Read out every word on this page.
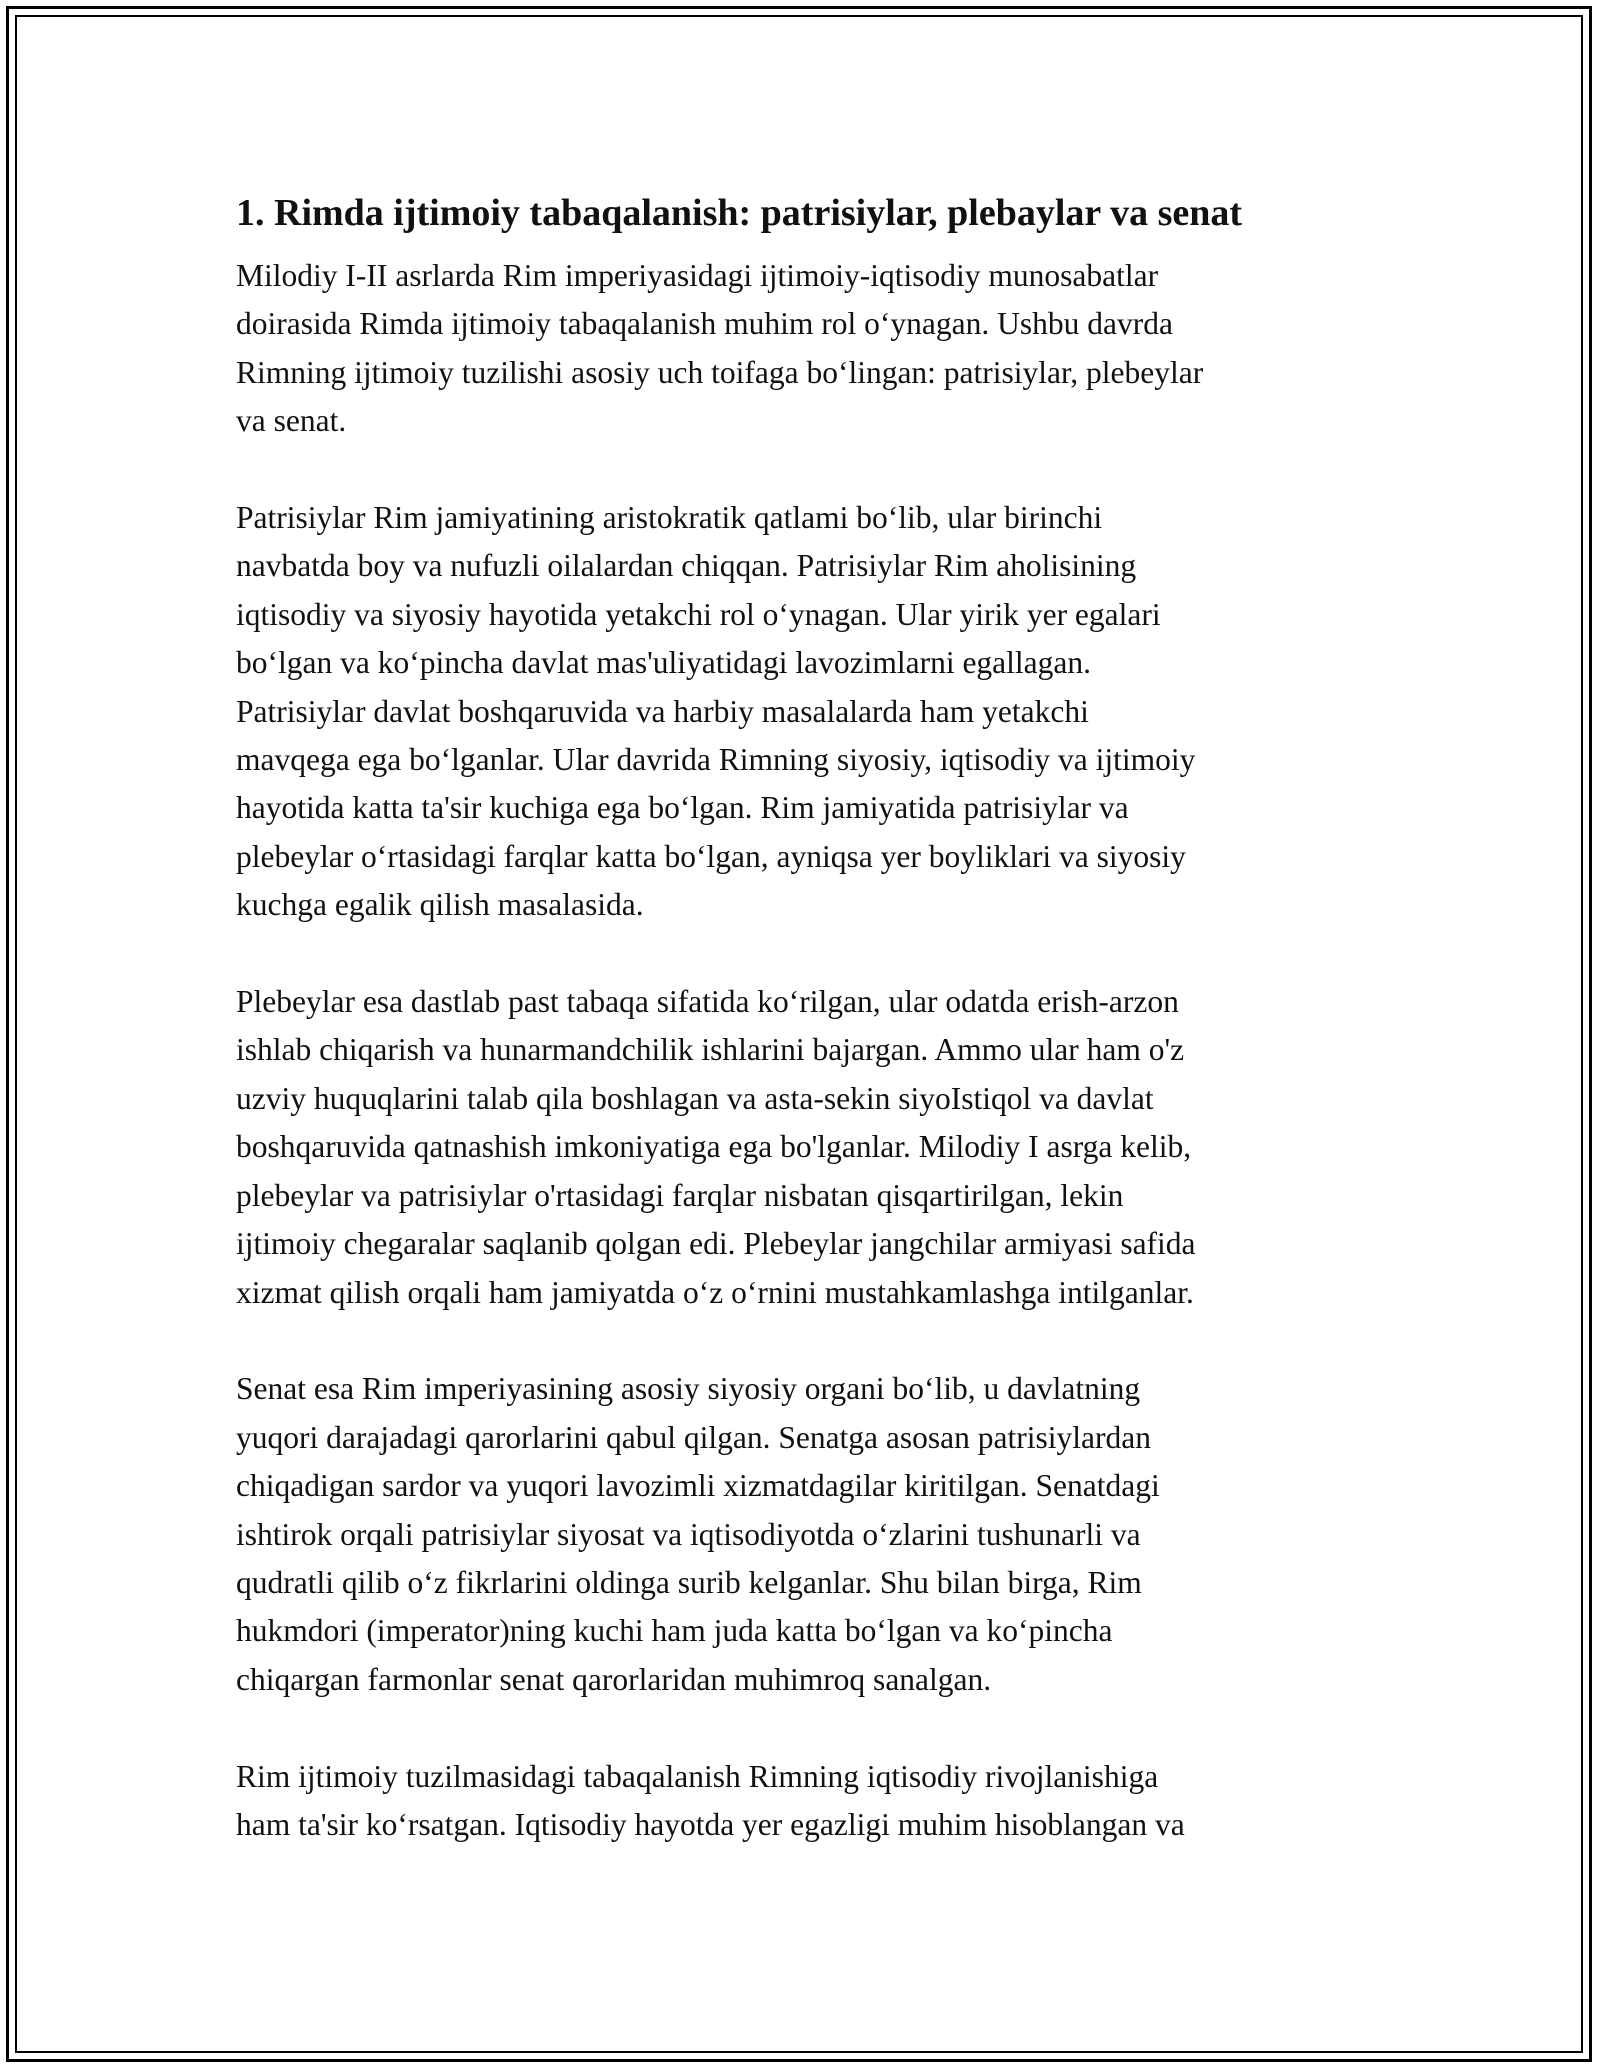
1. Rimda ijtimoiy tabaqalanish: patrisiylar, plebaylar va senat

Milodiy I-II asrlarda Rim imperiyasidagi ijtimoiy-iqtisodiy munosabatlar
doirasida Rimda ijtimoiy tabaqalanish muhim rol o‘ynagan. Ushbu davrda
Rimning ijtimoiy tuzilishi asosiy uch toifaga bo‘lingan: patrisiylar, plebeylar
va senat.

Patrisiylar Rim jamiyatining aristokratik qatlami bo‘lib, ular birinchi
navbatda boy va nufuzli oilalardan chiqqan. Patrisiylar Rim aholisining
iqtisodiy va siyosiy hayotida yetakchi rol o‘ynagan. Ular yirik yer egalari
bo‘lgan va ko‘pincha davlat mas'uliyatidagi lavozimlarni egallagan.
Patrisiylar davlat boshqaruvida va harbiy masalalarda ham yetakchi
mavqega ega bo‘lganlar. Ular davrida Rimning siyosiy, iqtisodiy va ijtimoiy
hayotida katta ta'sir kuchiga ega bo‘lgan. Rim jamiyatida patrisiylar va
plebeylar o‘rtasidagi farqlar katta bo‘lgan, ayniqsa yer boyliklari va siyosiy
kuchga egalik qilish masalasida.

Plebeylar esa dastlab past tabaqa sifatida ko‘rilgan, ular odatda erish-arzon
ishlab chiqarish va hunarmandchilik ishlarini bajargan. Ammo ular ham o'z
uzviy huquqlarini talab qila boshlagan va asta-sekin siyoIstiqol va davlat
boshqaruvida qatnashish imkoniyatiga ega bo'lganlar. Milodiy I asrga kelib,
plebeylar va patrisiylar o'rtasidagi farqlar nisbatan qisqartirilgan, lekin
ijtimoiy chegaralar saqlanib qolgan edi. Plebeylar jangchilar armiyasi safida
xizmat qilish orqali ham jamiyatda o‘z o‘rnini mustahkamlashga intilganlar.

Senat esa Rim imperiyasining asosiy siyosiy organi bo‘lib, u davlatning
yuqori darajadagi qarorlarini qabul qilgan. Senatga asosan patrisiylardan
chiqadigan sardor va yuqori lavozimli xizmatdagilar kiritilgan. Senatdagi
ishtirok orqali patrisiylar siyosat va iqtisodiyotda o‘zlarini tushunarli va
qudratli qilib o‘z fikrlarini oldinga surib kelganlar. Shu bilan birga, Rim
hukmdori (imperator)ning kuchi ham juda katta bo‘lgan va ko‘pincha
chiqargan farmonlar senat qarorlaridan muhimroq sanalgan.

Rim ijtimoiy tuzilmasidagi tabaqalanish Rimning iqtisodiy rivojlanishiga
ham ta'sir ko‘rsatgan. Iqtisodiy hayotda yer egazligi muhim hisoblangan va
